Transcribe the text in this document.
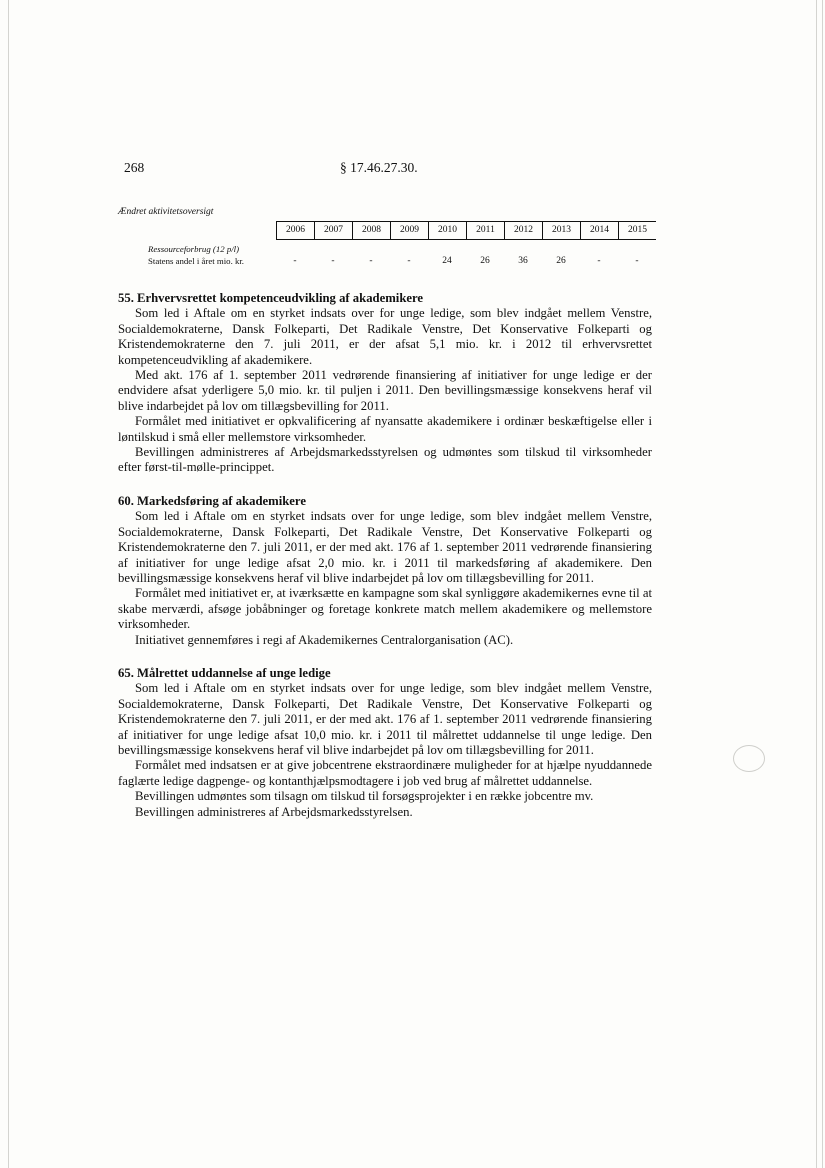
268	§ 17.46.27.30.
Ændret aktivitetsoversigt
2006	2007	2008	2009	2010	2011	2012	2013	2014	2015
Ressourceforbrug (12 p/l)
Statens andel i året mio. kr.	-	-	-	-	24	26	36	26	-	-
55. Erhvervsrettet kompetenceudvikling af akademikere

Som led i Aftale om en styrket indsats over for unge ledige, som blev indgået mellem Venstre, Socialdemokraterne, Dansk Folkeparti, Det Radikale Venstre, Det Konservative Folkeparti og Kristendemokraterne den 7. juli 2011, er der afsat 5,1 mio. kr. i 2012 til erhvervsrettet kompetenceudvikling af akademikere.

Med akt. 176 af 1. september 2011 vedrørende finansiering af initiativer for unge ledige er der endvidere afsat yderligere 5,0 mio. kr. til puljen i 2011. Den bevillingsmæssige konsekvens heraf vil blive indarbejdet på lov om tillægsbevilling for 2011.

Formålet med initiativet er opkvalificering af nyansatte akademikere i ordinær beskæftigelse eller i løntilskud i små eller mellemstore virksomheder.

Bevillingen administreres af Arbejdsmarkedsstyrelsen og udmøntes som tilskud til virksomheder efter først-til-mølle-princippet.

60. Markedsføring af akademikere

Som led i Aftale om en styrket indsats over for unge ledige, som blev indgået mellem Venstre, Socialdemokraterne, Dansk Folkeparti, Det Radikale Venstre, Det Konservative Folkeparti og Kristendemokraterne den 7. juli 2011, er der med akt. 176 af 1. september 2011 vedrørende finansiering af initiativer for unge ledige afsat 2,0 mio. kr. i 2011 til markedsføring af akademikere. Den bevillingsmæssige konsekvens heraf vil blive indarbejdet på lov om tillægsbevilling for 2011.

Formålet med initiativet er, at iværksætte en kampagne som skal synliggøre akademikernes evne til at skabe merværdi, afsøge jobåbninger og foretage konkrete match mellem akademikere og mellemstore virksomheder.

Initiativet gennemføres i regi af Akademikernes Centralorganisation (AC).

65. Målrettet uddannelse af unge ledige

Som led i Aftale om en styrket indsats over for unge ledige, som blev indgået mellem Venstre, Socialdemokraterne, Dansk Folkeparti, Det Radikale Venstre, Det Konservative Folkeparti og Kristendemokraterne den 7. juli 2011, er der med akt. 176 af 1. september 2011 vedrørende finansiering af initiativer for unge ledige afsat 10,0 mio. kr. i 2011 til målrettet uddannelse til unge ledige. Den bevillingsmæssige konsekvens heraf vil blive indarbejdet på lov om tillægsbevilling for 2011.

Formålet med indsatsen er at give jobcentrene ekstraordinære muligheder for at hjælpe nyuddannede faglærte ledige dagpenge- og kontanthjælpsmodtagere i job ved brug af målrettet uddannelse.

Bevillingen udmøntes som tilsagn om tilskud til forsøgsprojekter i en række jobcentre mv.

Bevillingen administreres af Arbejdsmarkedsstyrelsen.
